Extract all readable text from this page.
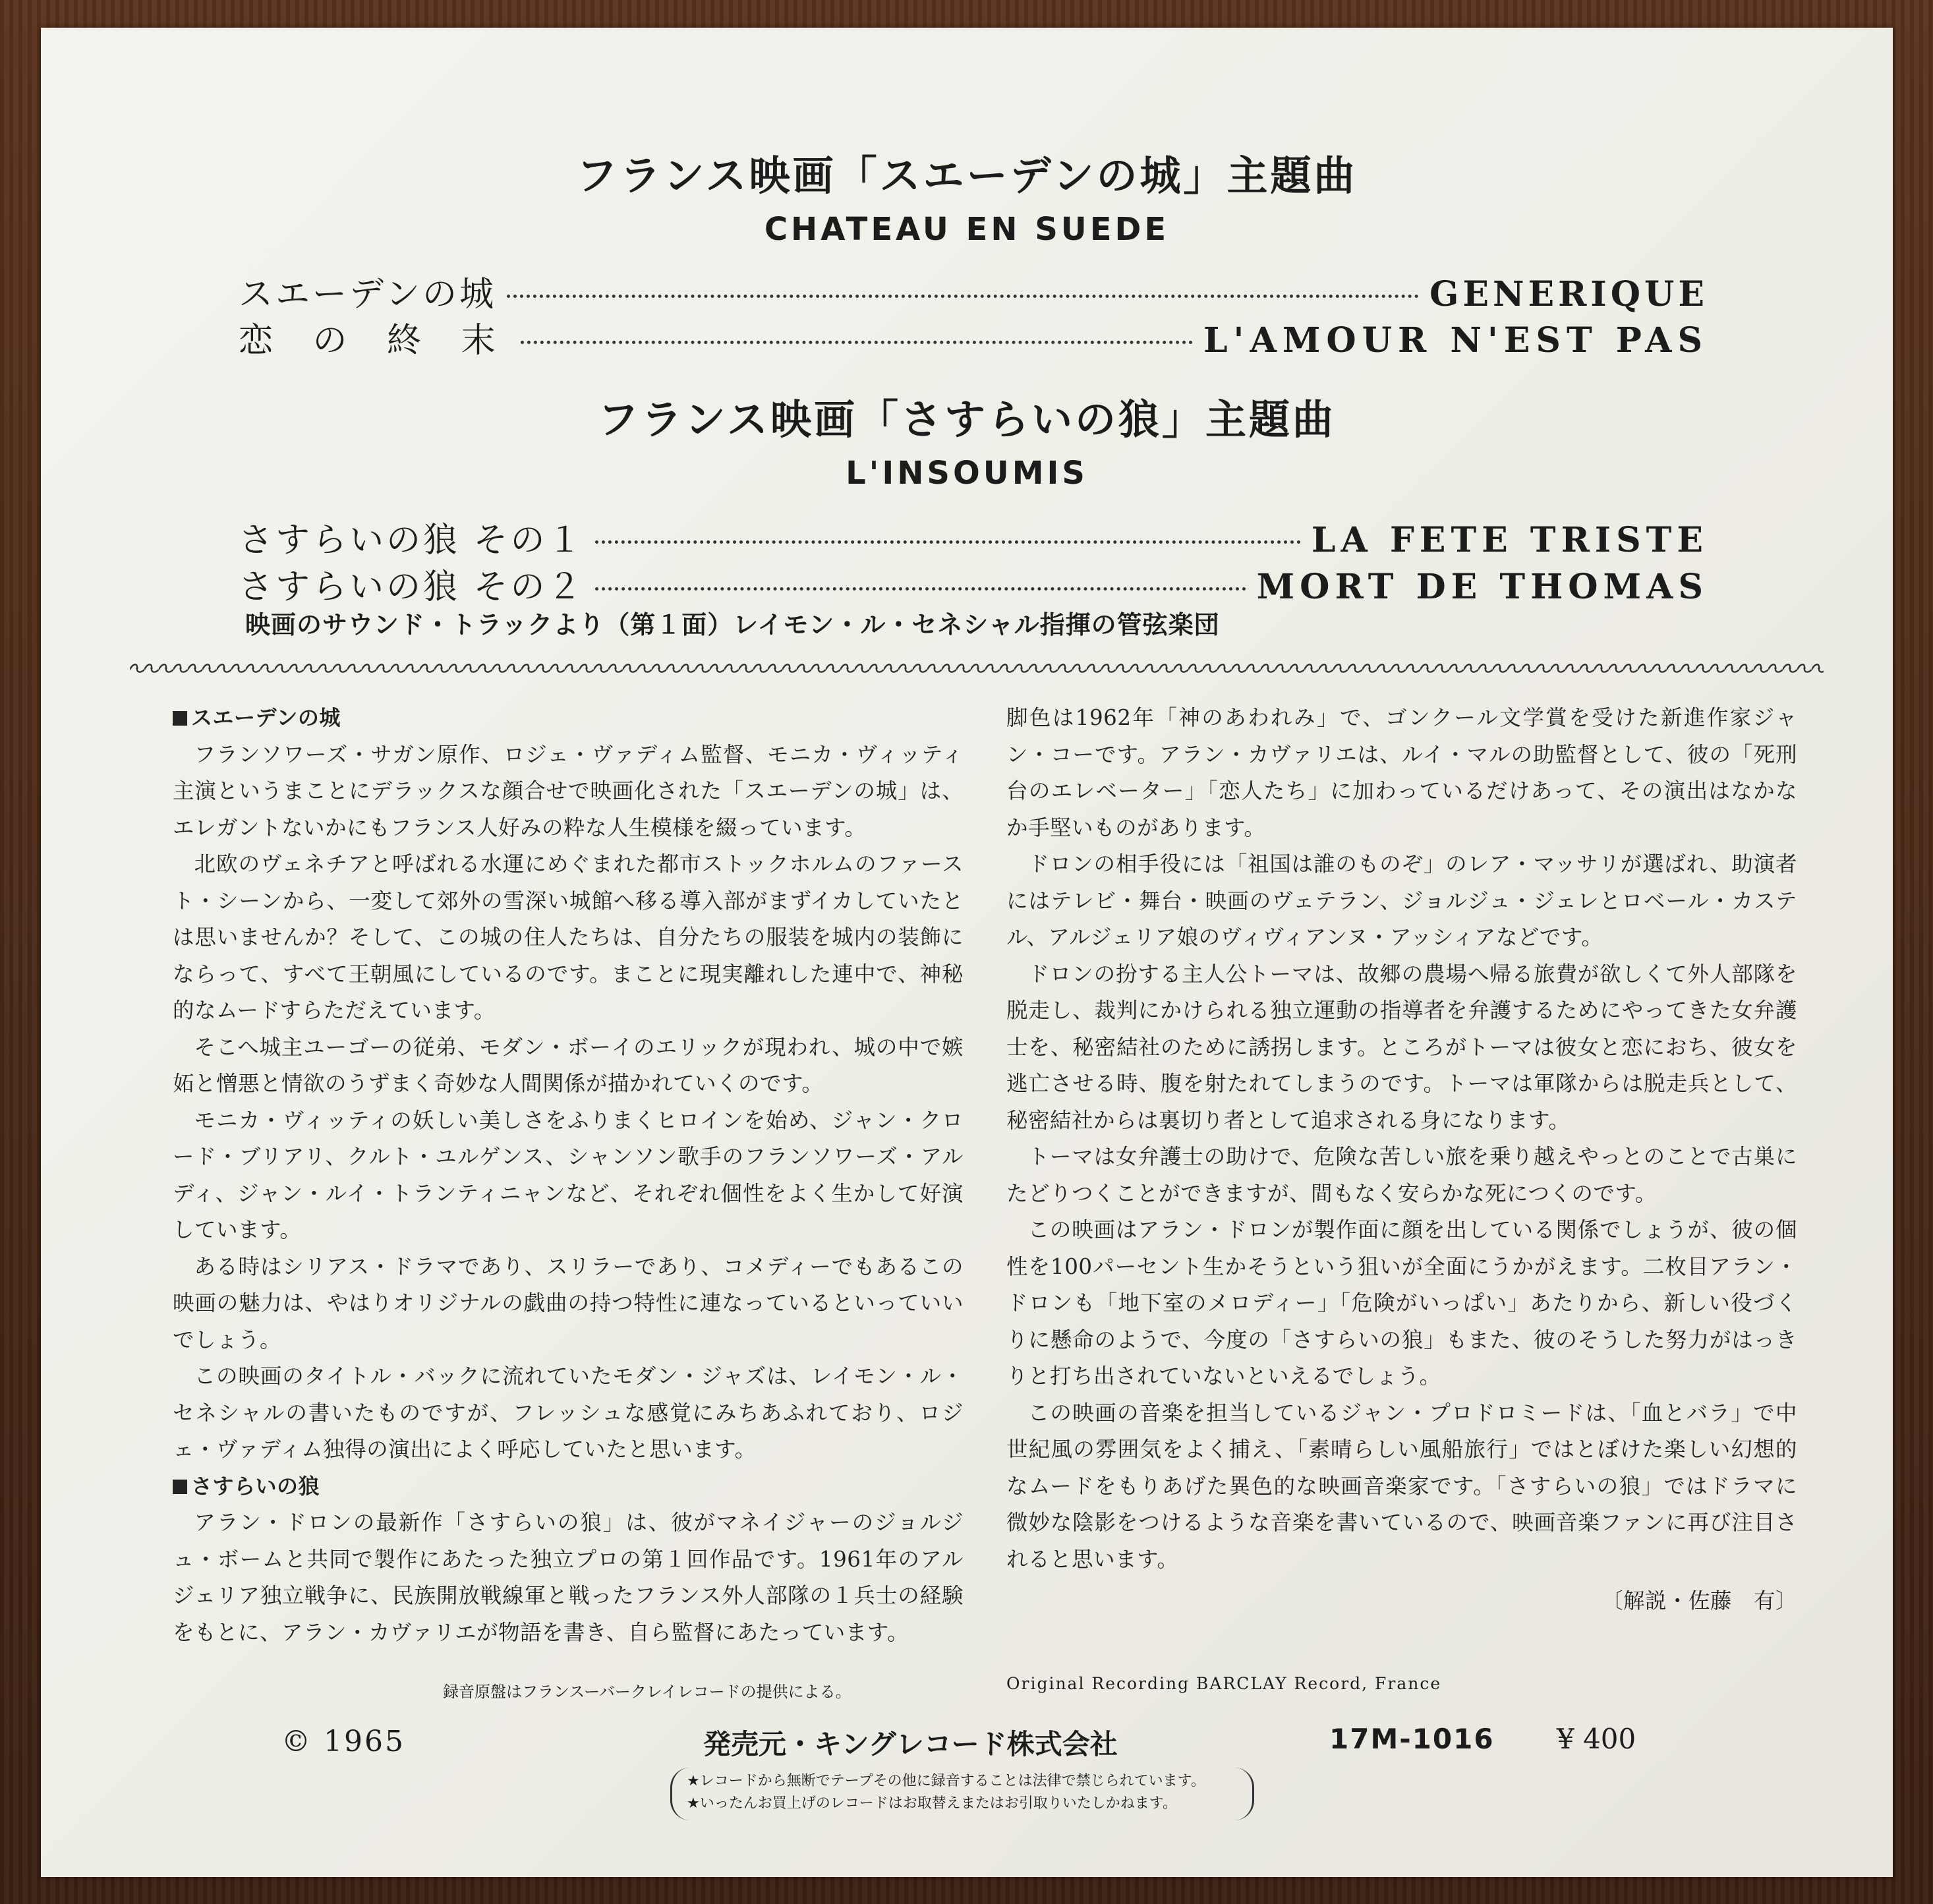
フランス映画「スエーデンの城」主題曲
CHATEAU EN SUEDE
スエーデンの城	GENERIQUE
恋 の 終 末	L'AMOUR N'EST PAS
フランス映画「さすらいの狼」主題曲
L'INSOUMIS
さすらいの狼 その１	LA FETE TRISTE
さすらいの狼 その２	MORT DE THOMAS
映画のサウンド・トラックより（第１面）レイモン・ル・セネシャル指揮の管弦楽団
スエーデンの城

フランソワーズ・サガン原作、ロジェ・ヴァディム監督、モニカ・ヴィッティ主演というまことにデラックスな顔合せで映画化された「スエーデンの城」は、エレガントないかにもフランス人好みの粋な人生模様を綴っています。

北欧のヴェネチアと呼ばれる水運にめぐまれた都市ストックホルムのファースト・シーンから、一変して郊外の雪深い城館へ移る導入部がまずイカしていたとは思いませんか？そして、この城の住人たちは、自分たちの服装を城内の装飾にならって、すべて王朝風にしているのです。まことに現実離れした連中で、神秘的なムードすらただえています。

そこへ城主ユーゴーの従弟、モダン・ボーイのエリックが現われ、城の中で嫉妬と憎悪と情欲のうずまく奇妙な人間関係が描かれていくのです。

モニカ・ヴィッティの妖しい美しさをふりまくヒロインを始め、ジャン・クロード・ブリアリ、クルト・ユルゲンス、シャンソン歌手のフランソワーズ・アルディ、ジャン・ルイ・トランティニャンなど、それぞれ個性をよく生かして好演しています。

ある時はシリアス・ドラマであり、スリラーであり、コメディーでもあるこの映画の魅力は、やはりオリジナルの戯曲の持つ特性に連なっているといっていいでしょう。

この映画のタイトル・バックに流れていたモダン・ジャズは、レイモン・ル・セネシャルの書いたものですが、フレッシュな感覚にみちあふれており、ロジェ・ヴァディム独得の演出によく呼応していたと思います。

さすらいの狼

アラン・ドロンの最新作「さすらいの狼」は、彼がマネイジャーのジョルジュ・ボームと共同で製作にあたった独立プロの第１回作品です。1961年のアルジェリア独立戦争に、民族開放戦線軍と戦ったフランス外人部隊の１兵士の経験をもとに、アラン・カヴァリエが物語を書き、自ら監督にあたっています。

脚色は1962年「神のあわれみ」で、ゴンクール文学賞を受けた新進作家ジャン・コーです。アラン・カヴァリエは、ルイ・マルの助監督として、彼の「死刑台のエレベーター」「恋人たち」に加わっているだけあって、その演出はなかなか手堅いものがあります。

ドロンの相手役には「祖国は誰のものぞ」のレア・マッサリが選ばれ、助演者にはテレビ・舞台・映画のヴェテラン、ジョルジュ・ジェレとロベール・カステル、アルジェリア娘のヴィヴィアンヌ・アッシィアなどです。

ドロンの扮する主人公トーマは、故郷の農場へ帰る旅費が欲しくて外人部隊を脱走し、裁判にかけられる独立運動の指導者を弁護するためにやってきた女弁護士を、秘密結社のために誘拐します。ところがトーマは彼女と恋におち、彼女を逃亡させる時、腹を射たれてしまうのです。トーマは軍隊からは脱走兵として、秘密結社からは裏切り者として追求される身になります。

トーマは女弁護士の助けで、危険な苦しい旅を乗り越えやっとのことで古巣にたどりつくことができますが、間もなく安らかな死につくのです。

この映画はアラン・ドロンが製作面に顔を出している関係でしょうが、彼の個性を100パーセント生かそうという狙いが全面にうかがえます。二枚目アラン・ドロンも「地下室のメロディー」「危険がいっぱい」あたりから、新しい役づくりに懸命のようで、今度の「さすらいの狼」もまた、彼のそうした努力がはっきりと打ち出されていないといえるでしょう。

この映画の音楽を担当しているジャン・プロドロミードは、「血とバラ」で中世紀風の雰囲気をよく捕え、「素晴らしい風船旅行」ではとぼけた楽しい幻想的なムードをもりあげた異色的な映画音楽家です。「さすらいの狼」ではドラマに微妙な陰影をつけるような音楽を書いているので、映画音楽ファンに再び注目されると思います。

〔解説・佐藤　有〕
録音原盤はフランスーバークレイレコードの提供による。	Original Recording BARCLAY Record, France
© 1965	発売元・キングレコード株式会社	17M-1016 ¥ 400
★レコードから無断でテープその他に録音することは法律で禁じられています。
★いったんお買上げのレコードはお取替えまたはお引取りいたしかねます。
